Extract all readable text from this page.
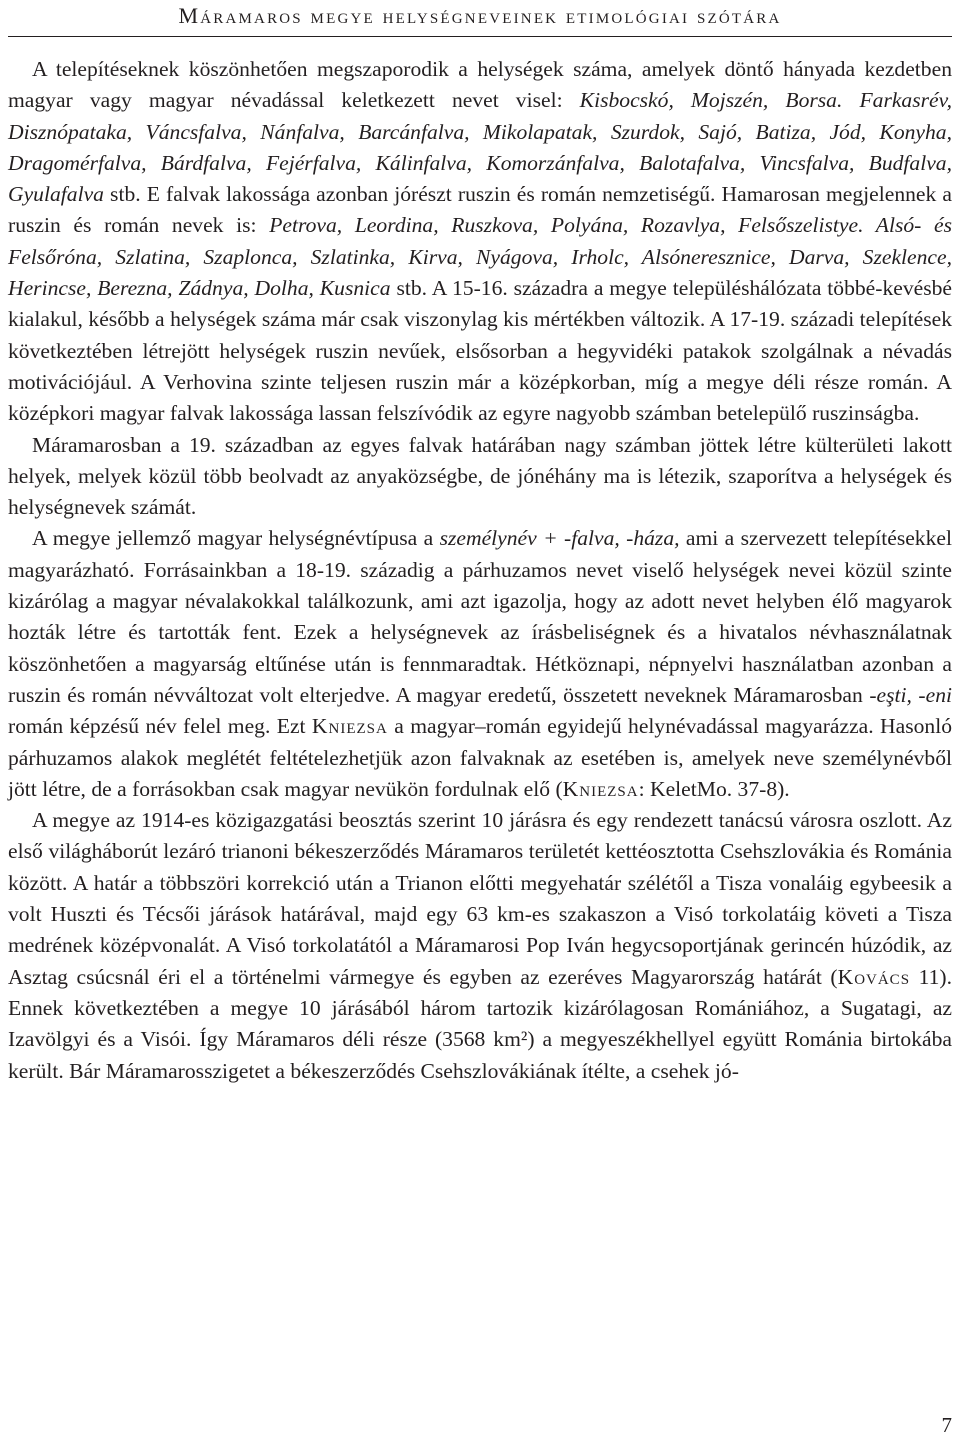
Máramaros megye helységneveinek etimológiai szótára

A telepítéseknek köszönhetően megszaporodik a helységek száma, amelyek döntő hányada kezdetben magyar vagy magyar névadással keletkezett nevet visel: Kisbocskó, Mojszén, Borsa. Farkasrév, Disznópataka, Váncsfalva, Nánfalva, Barcánfalva, Mikolapatak, Szurdok, Sajó, Batiza, Jód, Konyha, Dragomérfalva, Bárdfalva, Fejérfalva, Kálinfalva, Komorzánfalva, Balotafalva, Vincsfalva, Budfalva, Gyulafalva stb. E falvak lakossága azonban jórészt ruszin és román nemzetiségű. Hamarosan megjelennek a ruszin és román nevek is: Petrova, Leordina, Ruszkova, Polyána, Rozavlya, Felsőszelistye. Alsó- és Felsőróna, Szlatina, Szaplonca, Szlatinka, Kirva, Nyágova, Irholc, Alsóneresznice, Darva, Szeklence, Herincse, Berezna, Zádnya, Dolha, Kusnica stb. A 15-16. századra a megye településhálózata többé-kevésbé kialakul, később a helységek száma már csak viszonylag kis mértékben változik. A 17-19. századi telepítések következtében létrejött helységek ruszin nevűek, elsősorban a hegyvidéki patakok szolgálnak a névadás motivációjául. A Verhovina szinte teljesen ruszin már a középkorban, míg a megye déli része román. A középkori magyar falvak lakossága lassan felszívódik az egyre nagyobb számban betelepülő ruszinságba.

Máramarosban a 19. században az egyes falvak határában nagy számban jöttek létre külterületi lakott helyek, melyek közül több beolvadt az anyaközségbe, de jónéhány ma is létezik, szaporítva a helységek és helységnevek számát.

A megye jellemző magyar helységnévtípusa a személynév + -falva, -háza, ami a szervezett telepítésekkel magyarázható. Forrásainkban a 18-19. századig a párhuzamos nevet viselő helységek nevei közül szinte kizárólag a magyar névalakokkal találkozunk, ami azt igazolja, hogy az adott nevet helyben élő magyarok hozták létre és tartották fent. Ezek a helységnevek az írásbeliségnek és a hivatalos névhasználatnak köszönhetően a magyarság eltűnése után is fennmaradtak. Hétköznapi, népnyelvi használatban azonban a ruszin és román névváltozat volt elterjedve. A magyar eredetű, összetett neveknek Máramarosban -eşti, -eni román képzésű név felel meg. Ezt Kniezsa a magyar–román egyidejű helynévadással magyarázza. Hasonló párhuzamos alakok meglétét feltételezhetjük azon falvaknak az esetében is, amelyek neve személynévből jött létre, de a forrásokban csak magyar nevükön fordulnak elő (Kniezsa: KeletMo. 37-8).

A megye az 1914-es közigazgatási beosztás szerint 10 járásra és egy rendezett tanácsú városra oszlott. Az első világháborút lezáró trianoni békeszerződés Máramaros területét kettéosztotta Csehszlovákia és Románia között. A határ a többszöri korrekció után a Trianon előtti megyehatár szélétől a Tisza vonaláig egybeesik a volt Huszti és Técsői járások határával, majd egy 63 km-es szakaszon a Visó torkolatáig követi a Tisza medrének középvonalát. A Visó torkolatától a Máramarosi Pop Iván hegycsoportjának gerincén húzódik, az Asztag csúcsnál éri el a történelmi vármegye és egyben az ezeréves Magyarország határát (Kovács 11). Ennek következtében a megye 10 járásából három tartozik kizárólagosan Romániához, a Sugatagi, az Izavölgyi és a Visói. Így Máramaros déli része (3568 km²) a megyeszékhellyel együtt Románia birtokába került. Bár Máramarosszigetet a békeszerződés Csehszlovákiának ítélte, a csehek jó-

7
